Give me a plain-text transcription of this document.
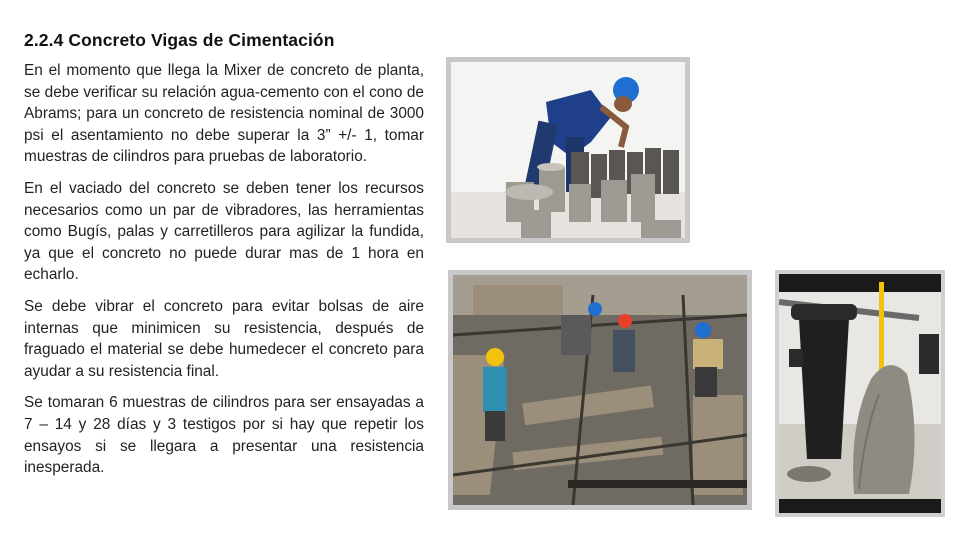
2.2.4 Concreto Vigas de Cimentación

En el momento que llega la Mixer de concreto de planta, se debe verificar su relación agua-cemento con el cono de Abrams; para un concreto de resistencia nominal de 3000 psi el asentamiento no debe superar la 3” +/- 1, tomar muestras de cilindros para pruebas de laboratorio.

En el vaciado del concreto se deben tener los recursos necesarios como un par de vibradores, las herramientas como Bugís, palas y carretilleros para agilizar la fundida, ya que el concreto no puede durar mas de 1 hora en echarlo.

Se debe vibrar el concreto para evitar bolsas de aire internas que minimicen su resistencia, después de fraguado el material se debe humedecer el concreto para ayudar a su resistencia final.

Se tomaran 6 muestras de cilindros para ser ensayadas a 7 – 14 y 28 días y 3 testigos por si hay que repetir los ensayos si se llegara a presentar una resistencia inesperada.
